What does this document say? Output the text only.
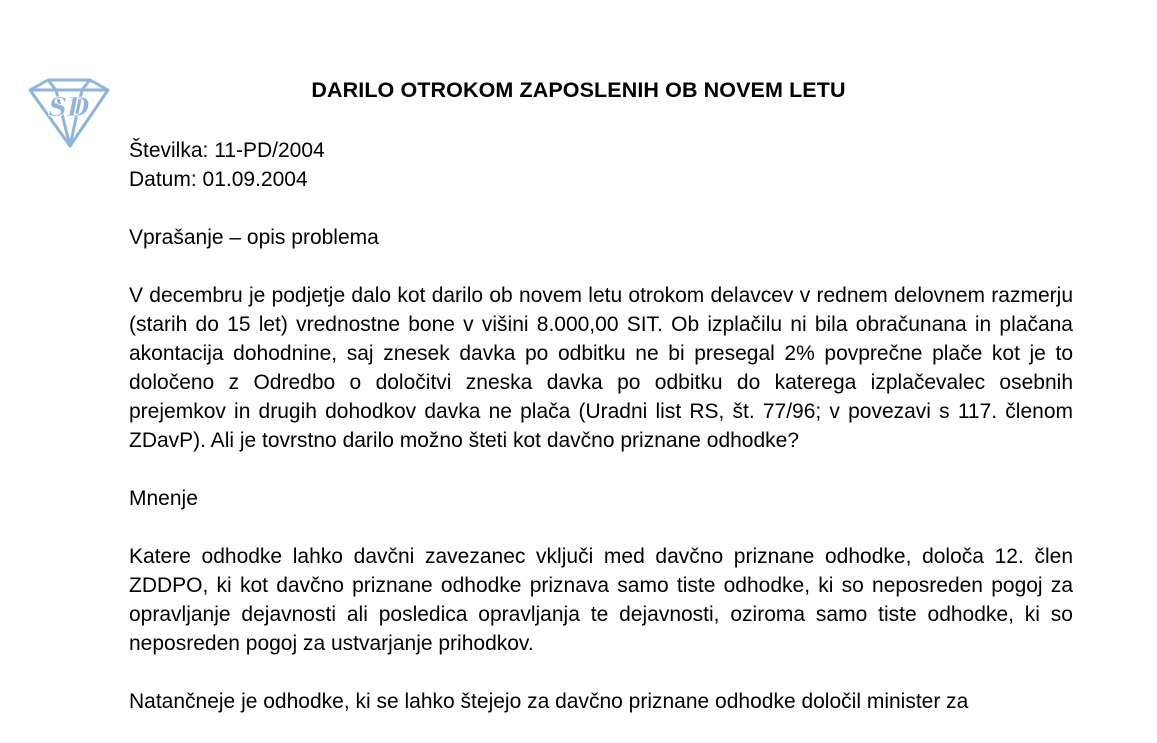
SD
DARILO OTROKOM ZAPOSLENIH OB NOVEM LETU
Številka: 11-PD/2004
Datum: 01.09.2004

Vprašanje – opis problema

V decembru je podjetje dalo kot darilo ob novem letu otrokom delavcev v rednem delovnem razmerju (starih do 15 let) vrednostne bone v višini 8.000,00 SIT. Ob izplačilu ni bila obračunana in plačana akontacija dohodnine, saj znesek davka po odbitku ne bi presegal 2% povprečne plače kot je to določeno z Odredbo o določitvi zneska davka po odbitku do katerega izplačevalec osebnih prejemkov in drugih dohodkov davka ne plača (Uradni list RS, št. 77/96; v povezavi s 117. členom ZDavP). Ali je tovrstno darilo možno šteti kot davčno priznane odhodke?

Mnenje

Katere odhodke lahko davčni zavezanec vključi med davčno priznane odhodke, določa 12. člen ZDDPO, ki kot davčno priznane odhodke priznava samo tiste odhodke, ki so neposreden pogoj za opravljanje dejavnosti ali posledica opravljanja te dejavnosti, oziroma samo tiste odhodke, ki so neposreden pogoj za ustvarjanje prihodkov.

Natančneje je odhodke, ki se lahko štejejo za davčno priznane odhodke določil minister za
